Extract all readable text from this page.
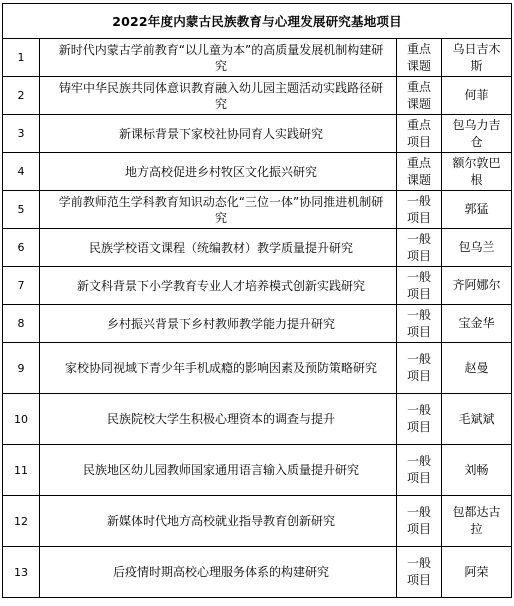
2022年度内蒙古民族教育与心理发展研究基地项目			
1	新时代内蒙古学前教育“以儿童为本”的高质量发展机制构建研究	重点课题	乌日吉木斯
2	铸牢中华民族共同体意识教育融入幼儿园主题活动实践路径研究	重点课题	何菲
3	新课标背景下家校社协同育人实践研究	重点项目	包乌力吉仓
4	地方高校促进乡村牧区文化振兴研究	重点课题	额尔敦巴根
5	学前教师范生学科教育知识动态化“三位一体”协同推进机制研究	一般项目	郭猛
6	民族学校语文课程（统编教材）教学质量提升研究	一般项目	包乌兰
7	新文科背景下小学教育专业人才培养模式创新实践研究	一般项目	齐阿娜尔
8	乡村振兴背景下乡村教师教学能力提升研究	一般项目	宝金华
9	家校协同视域下青少年手机成瘾的影响因素及预防策略研究	一般项目	赵曼
10	民族院校大学生积极心理资本的调查与提升	一般项目	毛斌斌
11	民族地区幼儿园教师国家通用语言输入质量提升研究	一般项目	刘畅
12	新媒体时代地方高校就业指导教育创新研究	一般项目	包都达古拉
13	后疫情时期高校心理服务体系的构建研究	一般项目	阿荣
